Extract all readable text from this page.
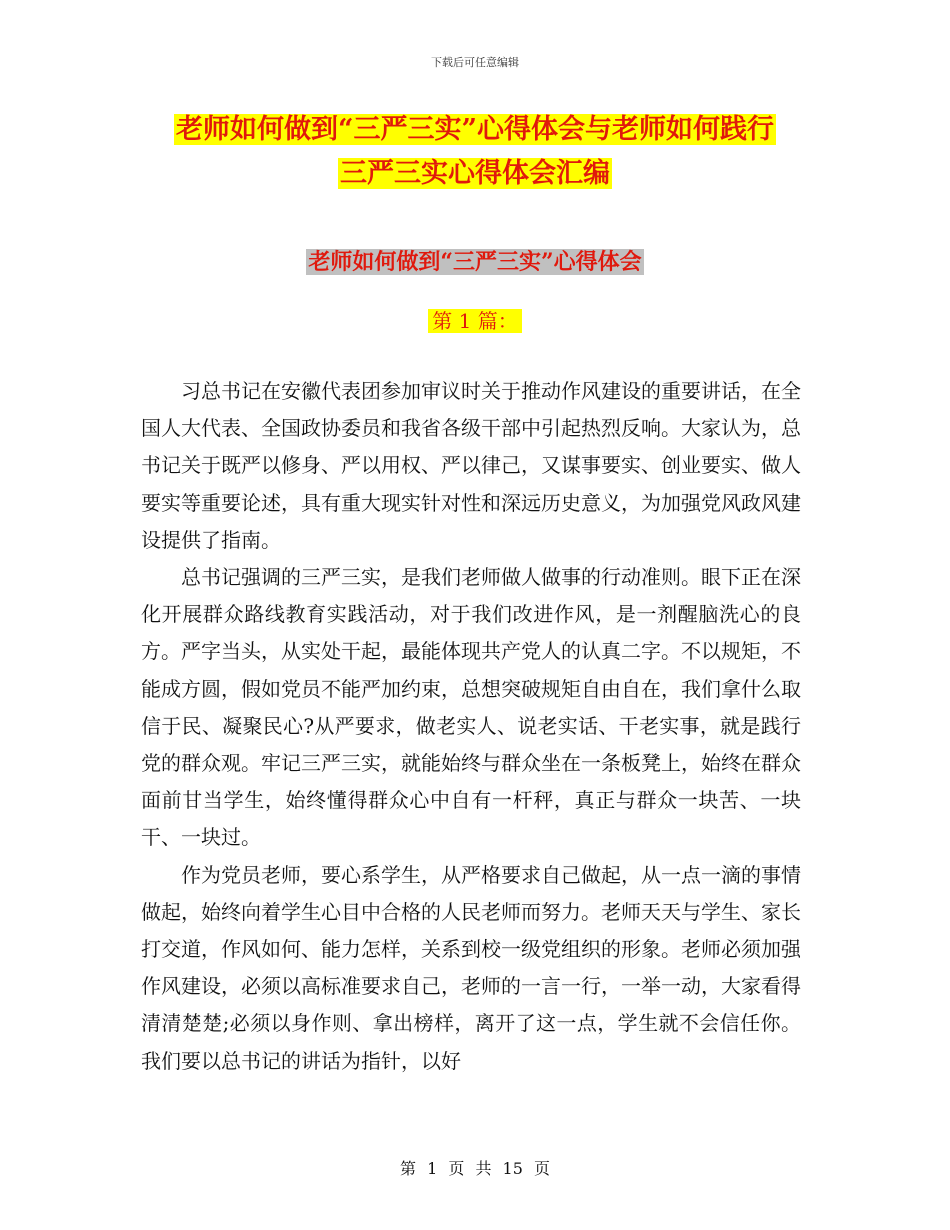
下载后可任意编辑
老师如何做到“三严三实”心得体会与老师如何践行
三严三实心得体会汇编
老师如何做到“三严三实”心得体会
第 1 篇：

习总书记在安徽代表团参加审议时关于推动作风建设的重要讲话，在全国人大代表、全国政协委员和我省各级干部中引起热烈反响。大家认为，总书记关于既严以修身、严以用权、严以律己，又谋事要实、创业要实、做人要实等重要论述，具有重大现实针对性和深远历史意义，为加强党风政风建设提供了指南。

总书记强调的三严三实，是我们老师做人做事的行动准则。眼下正在深化开展群众路线教育实践活动，对于我们改进作风，是一剂醒脑洗心的良方。严字当头，从实处干起，最能体现共产党人的认真二字。不以规矩，不能成方圆，假如党员不能严加约束，总想突破规矩自由自在，我们拿什么取信于民、凝聚民心?从严要求，做老实人、说老实话、干老实事，就是践行党的群众观。牢记三严三实，就能始终与群众坐在一条板凳上，始终在群众面前甘当学生，始终懂得群众心中自有一杆秤，真正与群众一块苦、一块干、一块过。

作为党员老师，要心系学生，从严格要求自己做起，从一点一滴的事情做起，始终向着学生心目中合格的人民老师而努力。老师天天与学生、家长打交道，作风如何、能力怎样，关系到校一级党组织的形象。老师必须加强作风建设，必须以高标准要求自己，老师的一言一行，一举一动，大家看得清清楚楚;必须以身作则、拿出榜样，离开了这一点，学生就不会信任你。我们要以总书记的讲话为指针，以好

第 1 页 共 15 页
